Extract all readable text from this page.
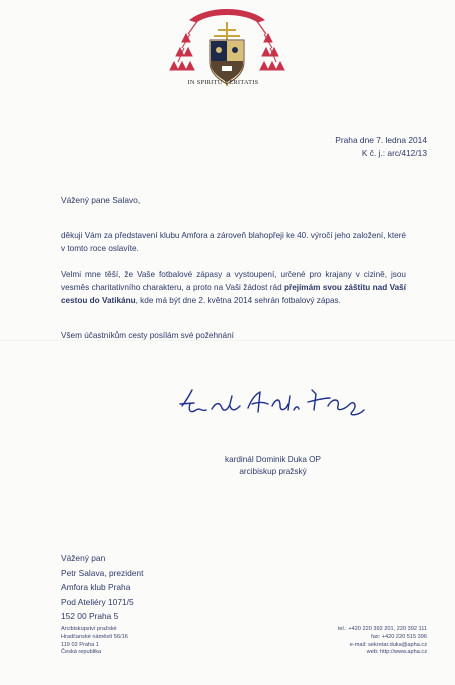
IN SPIRITU VERITATIS
Praha dne 7. ledna 2014
K č. j.: arc/412/13
Vážený pane Salavo,
děkuji Vám za představení klubu Amfora a zároveň blahopřeji ke 40. výročí jeho založení, které v tomto roce oslavíte.
Velmi mne těší, že Vaše fotbalové zápasy a vystoupení, určené pro krajany v cizině, jsou vesměs charitativního charakteru, a proto na Vaši žádost rád přejímám svou záštitu nad Vaší cestou do Vatikánu, kde má být dne 2. května 2014 sehrán fotbalový zápas.
Všem účastníkům cesty posílám své požehnání
kardinál Dominik Duka OP
arcibiskup pražský
Vážený pan
Petr Salava, prezident
Amfora klub Praha
Pod Ateliéry 1071/5
152 00 Praha 5
Arcibiskupství pražské
Hradčanské náměstí 56/16
119 02 Praha 1
Česká republika
tel.: +420 220 392 201, 220 392 111
fax: +420 220 515 396
e-mail: sekretar.duka@apha.cz
web: http://www.apha.cz
